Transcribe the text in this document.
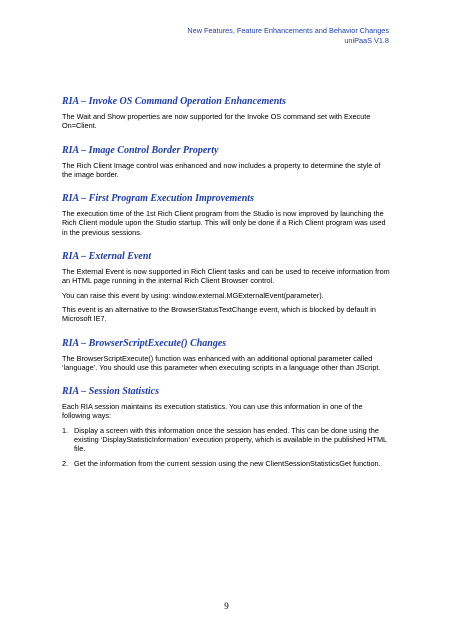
New Features, Feature Enhancements and Behavior Changes
uniPaaS V1.8
RIA – Invoke OS Command Operation Enhancements

The Wait and Show properties are now supported for the Invoke OS command set with Execute On=Client.

RIA – Image Control Border Property

The Rich Client Image control was enhanced and now includes a property to determine the style of the image border.

RIA – First Program Execution Improvements

The execution time of the 1st Rich Client program from the Studio is now improved by launching the Rich Client module upon the Studio startup. This will only be done if a Rich Client program was used in the previous sessions.

RIA – External Event

The External Event is now supported in Rich Client tasks and can be used to receive information from an HTML page running in the internal Rich Client Browser control.

You can raise this event by using: window.external.MGExternalEvent(parameter).

This event is an alternative to the BrowserStatusTextChange event, which is blocked by default in Microsoft IE7.

RIA – BrowserScriptExecute() Changes

The BrowserScriptExecute() function was enhanced with an additional optional parameter called ‘language’. You should use this parameter when executing scripts in a language other than JScript.

RIA – Session Statistics

Each RIA session maintains its execution statistics. You can use this information in one of the following ways:

1. Display a screen with this information once the session has ended. This can be done using the existing ‘DisplayStatisticInformation’ execution property, which is available in the published HTML file.
2. Get the information from the current session using the new ClientSessionStatisticsGet function.
9
